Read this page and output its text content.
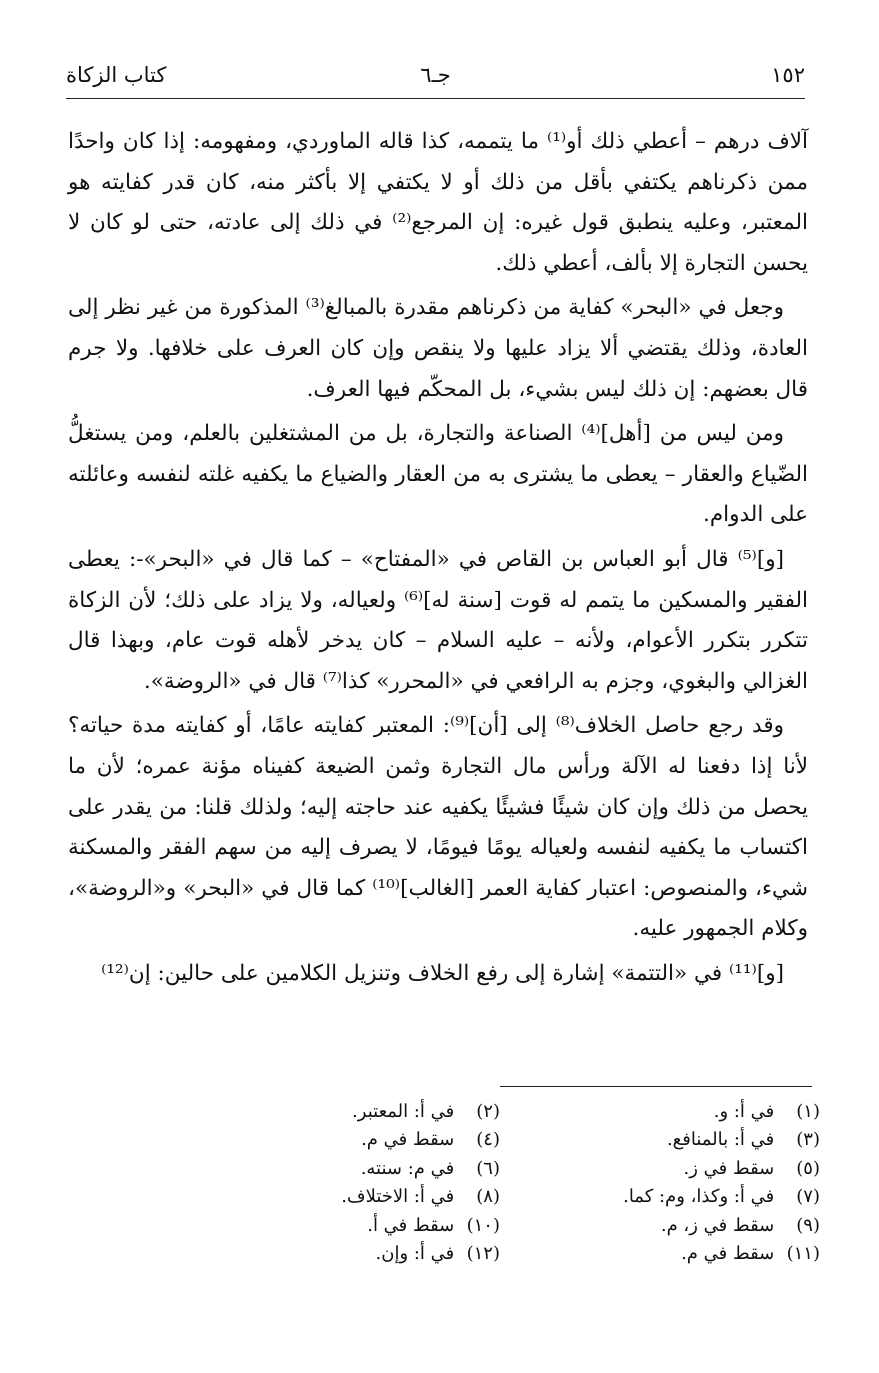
١٥٢
جـ٦
كتاب الزكاة

آلاف درهم – أعطي ذلك أو⁽¹⁾ ما يتممه، كذا قاله الماوردي، ومفهومه: إذا كان واحدًا ممن ذكرناهم يكتفي بأقل من ذلك أو لا يكتفي إلا بأكثر منه، كان قدر كفايته هو المعتبر، وعليه ينطبق قول غيره: إن المرجع⁽²⁾ في ذلك إلى عادته، حتى لو كان لا يحسن التجارة إلا بألف، أعطي ذلك.

وجعل في «البحر» كفاية من ذكرناهم مقدرة بالمبالغ⁽³⁾ المذكورة من غير نظر إلى العادة، وذلك يقتضي ألا يزاد عليها ولا ينقص وإن كان العرف على خلافها. ولا جرم قال بعضهم: إن ذلك ليس بشيء، بل المحكّم فيها العرف.

ومن ليس من [أهل]⁽⁴⁾ الصناعة والتجارة، بل من المشتغلين بالعلم، ومن يستغلُّ الضّياع والعقار – يعطى ما يشترى به من العقار والضياع ما يكفيه غلته لنفسه وعائلته على الدوام.

[و]⁽⁵⁾ قال أبو العباس بن القاص في «المفتاح» – كما قال في «البحر»-: يعطى الفقير والمسكين ما يتمم له قوت [سنة له]⁽⁶⁾ ولعياله، ولا يزاد على ذلك؛ لأن الزكاة تتكرر بتكرر الأعوام، ولأنه – عليه السلام – كان يدخر لأهله قوت عام، وبهذا قال الغزالي والبغوي، وجزم به الرافعي في «المحرر» كذا⁽⁷⁾ قال في «الروضة».

وقد رجع حاصل الخلاف⁽⁸⁾ إلى [أن]⁽⁹⁾: المعتبر كفايته عامًا، أو كفايته مدة حياته؟ لأنا إذا دفعنا له الآلة ورأس مال التجارة وثمن الضيعة كفيناه مؤنة عمره؛ لأن ما يحصل من ذلك وإن كان شيئًا فشيئًا يكفيه عند حاجته إليه؛ ولذلك قلنا: من يقدر على اكتساب ما يكفيه لنفسه ولعياله يومًا فيومًا، لا يصرف إليه من سهم الفقر والمسكنة شيء، والمنصوص: اعتبار كفاية العمر [الغالب]⁽¹⁰⁾ كما قال في «البحر» و«الروضة»، وكلام الجمهور عليه.

[و]⁽¹¹⁾ في «التتمة» إشارة إلى رفع الخلاف وتنزيل الكلامين على حالين: إن⁽¹²⁾

(١) في أ: و.
(٢) في أ: المعتبر.
(٣) في أ: بالمنافع.
(٤) سقط في م.
(٥) سقط في ز.
(٦) في م: سنته.
(٧) في أ: وكذا، وم: كما.
(٨) في أ: الاختلاف.
(٩) سقط في ز، م.
(١٠) سقط في أ.
(١١) سقط في م.
(١٢) في أ: وإن.
